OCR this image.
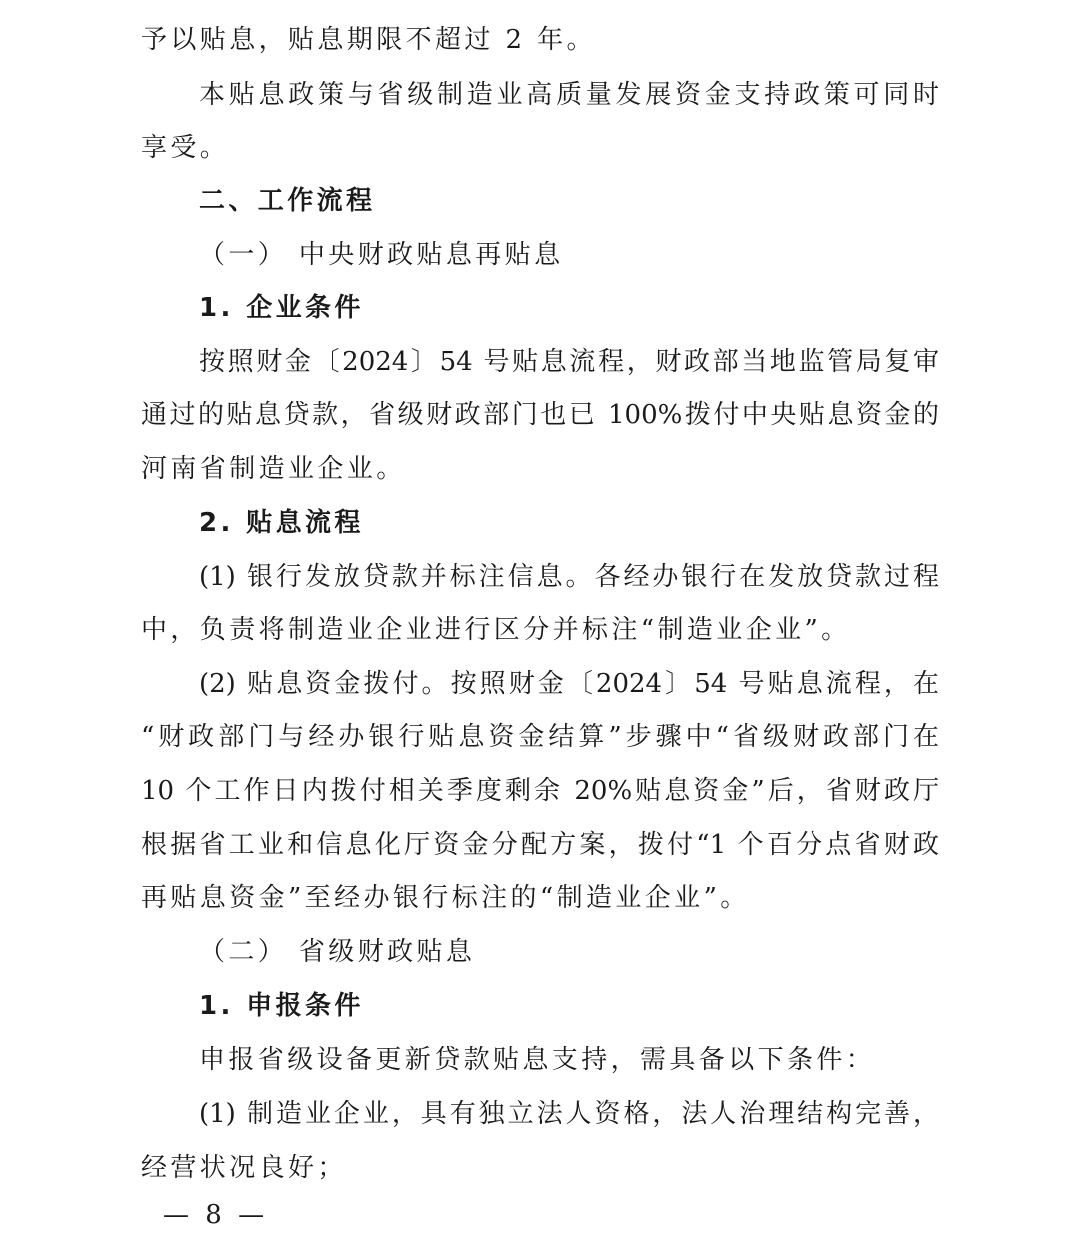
予以贴息，贴息期限不超过 2 年。
本贴息政策与省级制造业高质量发展资金支持政策可同时
享受。
二、工作流程
（一） 中央财政贴息再贴息
1. 企业条件
按照财金〔2024〕54 号贴息流程，财政部当地监管局复审
通过的贴息贷款，省级财政部门也已 100%拨付中央贴息资金的
河南省制造业企业。
2. 贴息流程
(1) 银行发放贷款并标注信息。各经办银行在发放贷款过程
中，负责将制造业企业进行区分并标注“制造业企业”。
(2) 贴息资金拨付。按照财金〔2024〕54 号贴息流程，在
“财政部门与经办银行贴息资金结算”步骤中“省级财政部门在
10 个工作日内拨付相关季度剩余 20%贴息资金”后，省财政厅
根据省工业和信息化厅资金分配方案，拨付“1 个百分点省财政
再贴息资金”至经办银行标注的“制造业企业”。
（二） 省级财政贴息
1. 申报条件
申报省级设备更新贷款贴息支持，需具备以下条件：
(1) 制造业企业，具有独立法人资格，法人治理结构完善，
经营状况良好；
— 8 —
